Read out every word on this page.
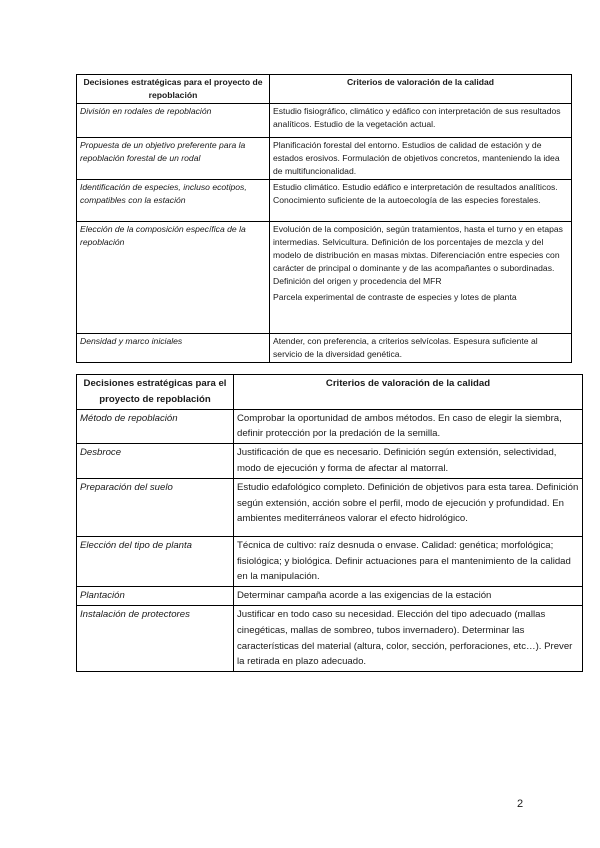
Decisiones estratégicas para el proyecto de repoblación	Criterios de valoración de la calidad
División en rodales de repoblación	Estudio fisiográfico, climático y edáfico con interpretación de sus resultados analíticos. Estudio de la vegetación actual.
Propuesta de un objetivo preferente para la repoblación forestal de un rodal	Planificación forestal del entorno. Estudios de calidad de estación y de estados erosivos. Formulación de objetivos concretos, manteniendo la idea de multifuncionalidad.
Identificación de especies, incluso ecotipos, compatibles con la estación	Estudio climático. Estudio edáfico e interpretación de resultados analíticos. Conocimiento suficiente de la autoecología de las especies forestales.
Elección de la composición específica de la repoblación	Evolución de la composición, según tratamientos, hasta el turno y en etapas intermedias. Selvicultura. Definición de los porcentajes de mezcla y del modelo de distribución en masas mixtas. Diferenciación entre especies con carácter de principal o dominante y de las acompañantes o subordinadas. Definición del origen y procedencia del MFR
Parcela experimental de contraste de especies y lotes de planta

Densidad y marco iniciales	Atender, con preferencia, a criterios selvícolas. Espesura suficiente al servicio de la diversidad genética.
Decisiones estratégicas para el proyecto de repoblación	Criterios de valoración de la calidad
Método de repoblación	Comprobar la oportunidad de ambos métodos. En caso de elegir la siembra, definir protección por la predación de la semilla.
Desbroce	Justificación de que es necesario. Definición según extensión, selectividad, modo de ejecución y forma de afectar al matorral.
Preparación del suelo	Estudio edafológico completo. Definición de objetivos para esta tarea. Definición según extensión, acción sobre el perfil, modo de ejecución y profundidad. En ambientes mediterráneos valorar el efecto hidrológico.
Elección del tipo de planta	Técnica de cultivo: raíz desnuda o envase. Calidad: genética; morfológica; fisiológica; y biológica. Definir actuaciones para el mantenimiento de la calidad en la manipulación.
Plantación	Determinar campaña acorde a las exigencias de la estación
Instalación de protectores	Justificar en todo caso su necesidad. Elección del tipo adecuado (mallas cinegéticas, mallas de sombreo, tubos invernadero). Determinar las características del material (altura, color, sección, perforaciones, etc…). Prever la retirada en plazo adecuado.
2
